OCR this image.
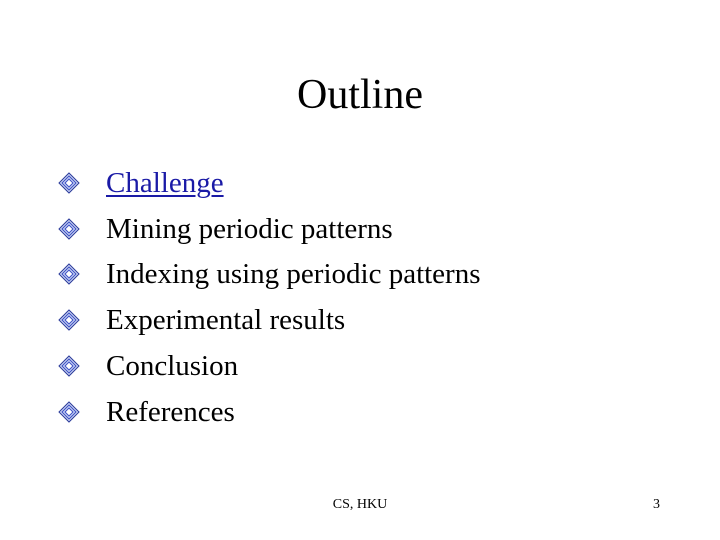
Outline
Challenge
Mining periodic patterns
Indexing using periodic patterns
Experimental results
Conclusion
References
CS, HKU	3
